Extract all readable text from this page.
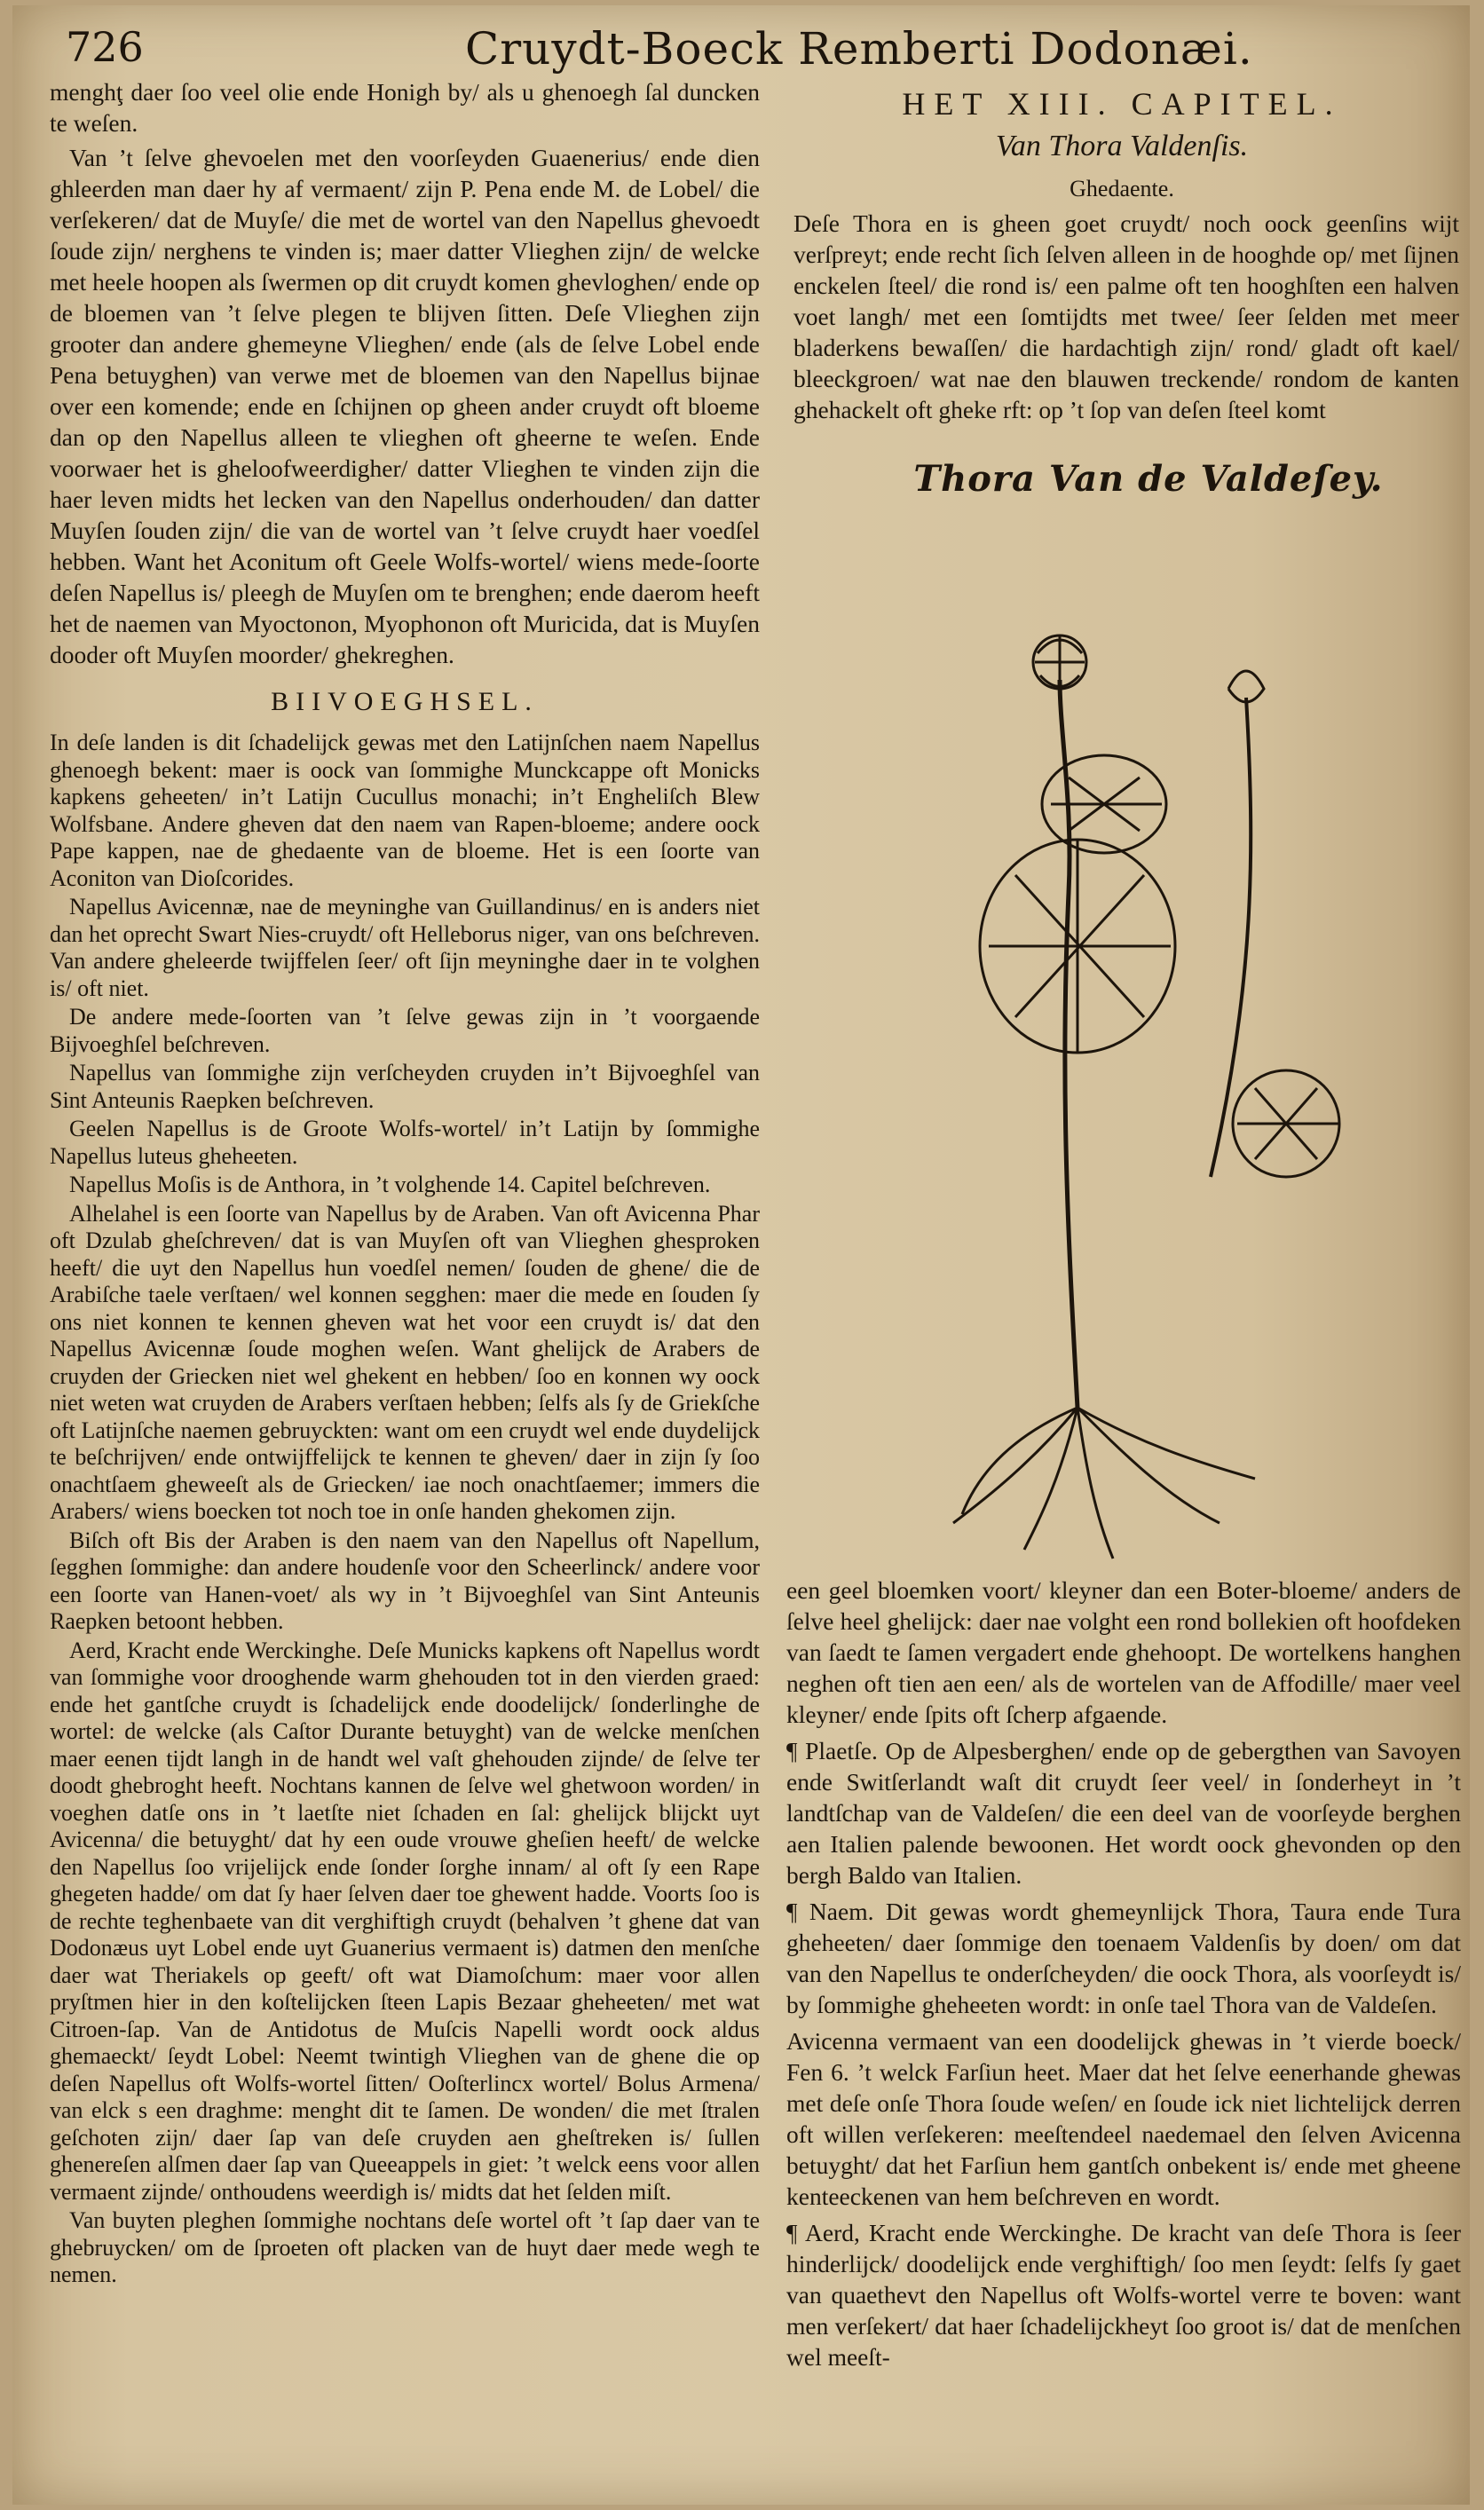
726	Cruydt-Boeck Remberti Dodonæi.

menghţ daer ſoo veel olie ende Honigh by/ als u ghenoegh ſal duncken te weſen.

Van ’t ſelve ghevoelen met den voorſeyden Guaenerius/ ende dien ghleerden man daer hy af vermaent/ zijn P. Pena ende M. de Lobel/ die verſekeren/ dat de Muyſe/ die met de wortel van den Napellus ghevoedt ſoude zijn/ nerghens te vinden is; maer datter Vlieghen zijn/ de welcke met heele hoopen als ſwermen op dit cruydt komen ghevloghen/ ende op de bloemen van ’t ſelve plegen te blijven ſitten. Deſe Vlieghen zijn grooter dan andere ghemeyne Vlieghen/ ende (als de ſelve Lobel ende Pena betuyghen) van verwe met de bloemen van den Napellus bijnae over een komende; ende en ſchijnen op gheen ander cruydt oft bloeme dan op den Napellus alleen te vlieghen oft gheerne te weſen. Ende voorwaer het is gheloofweerdigher/ datter Vlieghen te vinden zijn die haer leven midts het lecken van den Napellus onderhouden/ dan datter Muyſen ſouden zijn/ die van de wortel van ’t ſelve cruydt haer voedſel hebben. Want het Aconitum oft Geele Wolfs-wortel/ wiens mede-ſoorte deſen Napellus is/ pleegh de Muyſen om te brenghen; ende daerom heeft het de naemen van Myoctonon, Myophonon oft Muricida, dat is Muyſen dooder oft Muyſen moorder/ ghekreghen.

BIIVOEGHSEL.

In deſe landen is dit ſchadelijck gewas met den Latijnſchen naem Napellus ghenoegh bekent: maer is oock van ſommighe Munckcappe oft Monicks kapkens geheeten/ in’t Latijn Cucullus monachi; in’t Engheliſch Blew Wolfsbane. Andere gheven dat den naem van Rapen-bloeme; andere oock Pape kappen, nae de ghedaente van de bloeme. Het is een ſoorte van Aconiton van Dioſcorides.

Napellus Avicennæ, nae de meyninghe van Guillandinus/ en is anders niet dan het oprecht Swart Nies-cruydt/ oft Helleborus niger, van ons beſchreven. Van andere gheleerde twijffelen ſeer/ oft ſijn meyninghe daer in te volghen is/ oft niet.

De andere mede-ſoorten van ’t ſelve gewas zijn in ’t voorgaende Bijvoeghſel beſchreven.

Napellus van ſommighe zijn verſcheyden cruyden in’t Bijvoeghſel van Sint Anteunis Raepken beſchreven.

Geelen Napellus is de Groote Wolfs-wortel/ in’t Latijn by ſommighe Napellus luteus gheheeten.

Napellus Moſis is de Anthora, in ’t volghende 14. Capitel beſchreven.

Alhelahel is een ſoorte van Napellus by de Araben. Van oft Avicenna Phar oft Dzulab gheſchreven/ dat is van Muyſen oft van Vlieghen ghesproken heeft/ die uyt den Napellus hun voedſel nemen/ ſouden de ghene/ die de Arabiſche taele verſtaen/ wel konnen segghen: maer die mede en ſouden ſy ons niet konnen te kennen gheven wat het voor een cruydt is/ dat den Napellus Avicennæ ſoude moghen weſen. Want ghelijck de Arabers de cruyden der Griecken niet wel ghekent en hebben/ ſoo en konnen wy oock niet weten wat cruyden de Arabers verſtaen hebben; ſelfs als ſy de Griekſche oft Latijnſche naemen gebruyckten: want om een cruydt wel ende duydelijck te beſchrijven/ ende ontwijffelijck te kennen te gheven/ daer in zijn ſy ſoo onachtſaem gheweeſt als de Griecken/ iae noch onachtſaemer; immers die Arabers/ wiens boecken tot noch toe in onſe handen ghekomen zijn.

Biſch oft Bis der Araben is den naem van den Napellus oft Napellum, ſegghen ſommighe: dan andere houdenſe voor den Scheerlinck/ andere voor een ſoorte van Hanen-voet/ als wy in ’t Bijvoeghſel van Sint Anteunis Raepken betoont hebben.

Aerd, Kracht ende Werckinghe. Deſe Municks kapkens oft Napellus wordt van ſommighe voor drooghende warm ghehouden tot in den vierden graed: ende het gantſche cruydt is ſchadelijck ende doodelijck/ ſonderlinghe de wortel: de welcke (als Caſtor Durante betuyght) van de welcke menſchen maer eenen tijdt langh in de handt wel vaſt ghehouden zijnde/ de ſelve ter doodt ghebroght heeft. Nochtans kannen de ſelve wel ghetwoon worden/ in voeghen datſe ons in ’t laetſte niet ſchaden en ſal: ghelijck blijckt uyt Avicenna/ die betuyght/ dat hy een oude vrouwe gheſien heeft/ de welcke den Napellus ſoo vrijelijck ende ſonder ſorghe innam/ al oft ſy een Rape ghegeten hadde/ om dat ſy haer ſelven daer toe ghewent hadde. Voorts ſoo is de rechte teghenbaete van dit verghiftigh cruydt (behalven ’t ghene dat van Dodonæus uyt Lobel ende uyt Guanerius vermaent is) datmen den menſche daer wat Theriakels op geeft/ oft wat Diamoſchum: maer voor allen pryſtmen hier in den koſtelijcken ſteen Lapis Bezaar gheheeten/ met wat Citroen-ſap. Van de Antidotus de Muſcis Napelli wordt oock aldus ghemaeckt/ ſeydt Lobel: Neemt twintigh Vlieghen van de ghene die op deſen Napellus oft Wolfs-wortel ſitten/ Ooſterlincx wortel/ Bolus Armena/ van elck s een draghme: menght dit te ſamen. De wonden/ die met ſtralen geſchoten zijn/ daer ſap van deſe cruyden aen gheſtreken is/ ſullen ghenereſen alſmen daer ſap van Queeappels in giet: ’t welck eens voor allen vermaent zijnde/ onthoudens weerdigh is/ midts dat het ſelden miſt.

Van buyten pleghen ſommighe nochtans deſe wortel oft ’t ſap daer van te ghebruycken/ om de ſproeten oft placken van de huyt daer mede wegh te nemen.

HET XIII. CAPITEL.
Van Thora Valdenſis.
Ghedaente.

Deſe Thora en is gheen goet cruydt/ noch oock geenſins wijt verſpreyt; ende recht ſich ſelven alleen in de hooghde op/ met ſijnen enckelen ſteel/ die rond is/ een palme oft ten hooghſten een halven voet langh/ met een ſomtijdts met twee/ ſeer ſelden met meer bladerkens bewaſſen/ die hardachtigh zijn/ rond/ gladt oft kael/ bleeckgroen/ wat nae den blauwen treckende/ rondom de kanten ghehackelt oft gheke rft: op ’t ſop van deſen ſteel komt

Thora Van de Valdeſey.

een geel bloemken voort/ kleyner dan een Boter-bloeme/ anders de ſelve heel ghelijck: daer nae volght een rond bollekien oft hoofdeken van ſaedt te ſamen vergadert ende ghehoopt. De wortelkens hanghen neghen oft tien aen een/ als de wortelen van de Affodille/ maer veel kleyner/ ende ſpits oft ſcherp afgaende.

¶ Plaetſe. Op de Alpesberghen/ ende op de gebergthen van Savoyen ende Switſerlandt waſt dit cruydt ſeer veel/ in ſonderheyt in ’t landtſchap van de Valdeſen/ die een deel van de voorſeyde berghen aen Italien palende bewoonen. Het wordt oock ghevonden op den bergh Baldo van Italien.

¶ Naem. Dit gewas wordt ghemeynlijck Thora, Taura ende Tura gheheeten/ daer ſommige den toenaem Valdenſis by doen/ om dat van den Napellus te onderſcheyden/ die oock Thora, als voorſeydt is/ by ſommighe gheheeten wordt: in onſe tael Thora van de Valdeſen.

Avicenna vermaent van een doodelijck ghewas in ’t vierde boeck/ Fen 6. ’t welck Farſiun heet. Maer dat het ſelve eenerhande ghewas met deſe onſe Thora ſoude weſen/ en ſoude ick niet lichtelijck derren oft willen verſekeren: meeſtendeel naedemael den ſelven Avicenna betuyght/ dat het Farſiun hem gantſch onbekent is/ ende met gheene kenteeckenen van hem beſchreven en wordt.

¶ Aerd, Kracht ende Werckinghe. De kracht van deſe Thora is ſeer hinderlijck/ doodelijck ende verghiftigh/ ſoo men ſeydt: ſelfs ſy gaet van quaethevt den Napellus oft Wolfs-wortel verre te boven: want men verſekert/ dat haer ſchadelijckheyt ſoo groot is/ dat de menſchen wel meeſt-
